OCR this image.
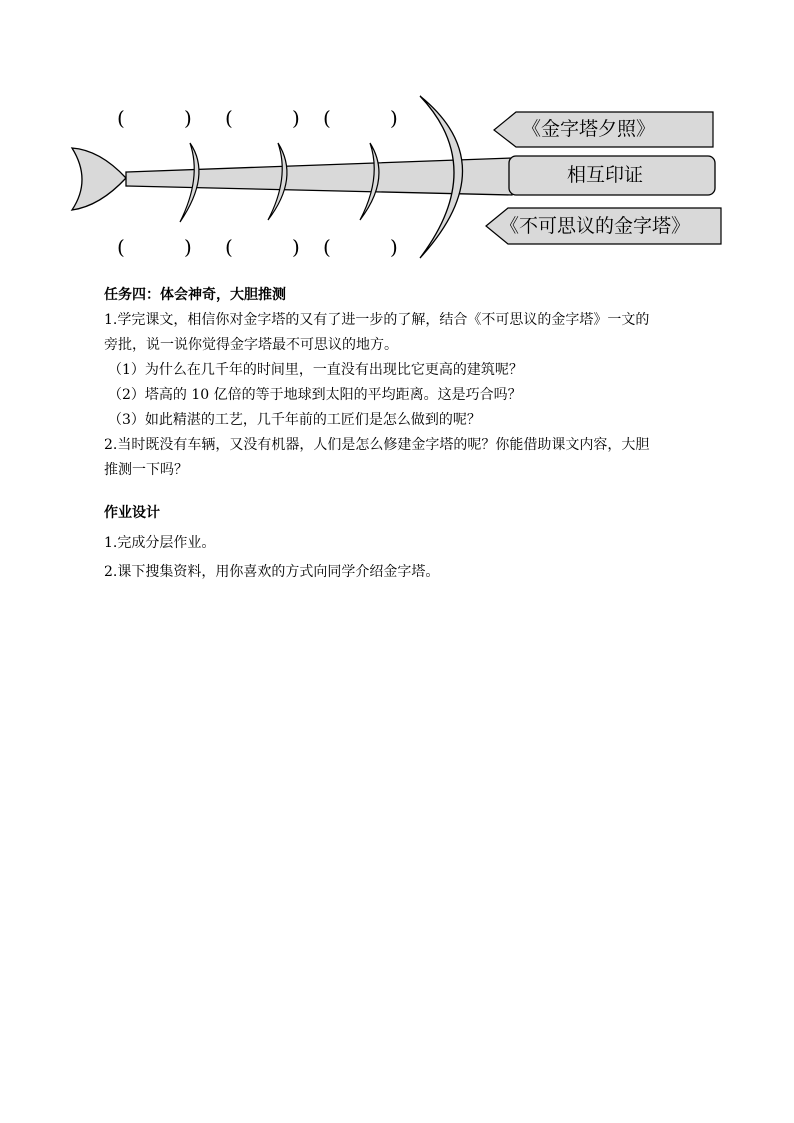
(	) (	) (	)
(	) (	) (	)
《金字塔夕照》
相互印证
《不可思议的金字塔》

任务四：体会神奇，大胆推测

1.学完课文，相信你对金字塔的又有了进一步的了解，结合《不可思议的金字塔》一文的

旁批，说一说你觉得金字塔最不可思议的地方。

（1）为什么在几千年的时间里，一直没有出现比它更高的建筑呢？

（2）塔高的 10 亿倍的等于地球到太阳的平均距离。这是巧合吗？

（3）如此精湛的工艺，几千年前的工匠们是怎么做到的呢？

2.当时既没有车辆，又没有机器，人们是怎么修建金字塔的呢？你能借助课文内容，大胆

推测一下吗？

作业设计

1.完成分层作业。

2.课下搜集资料，用你喜欢的方式向同学介绍金字塔。
